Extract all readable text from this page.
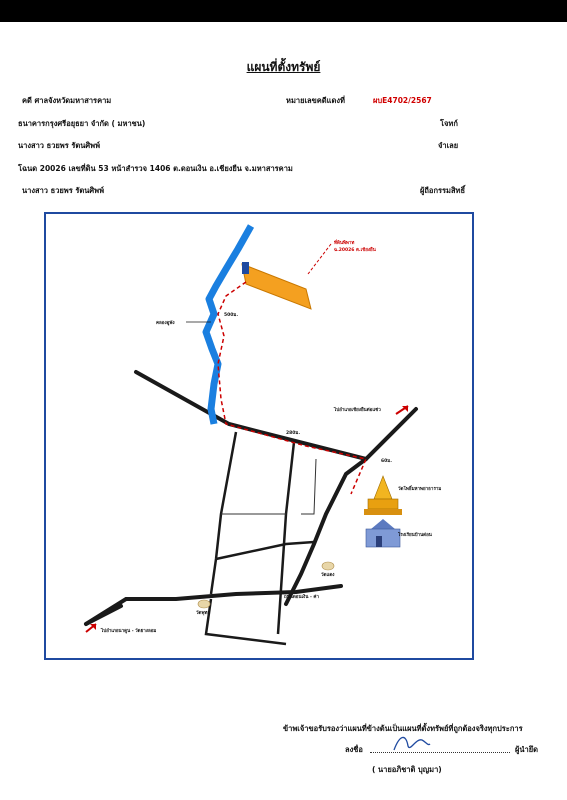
แผนที่ตั้งทรัพย์
คดี ศาลจังหวัดมหาสารคาม	หมายเลขคดีแดงที่	ผบE4702/2567
ธนาคารกรุงศรีอยุธยา จำกัด ( มหาชน)	โจทก์
นางสาว ธวยพร รัตนศิพพ์	จำเลย
โฉนด 20026 เลขที่ดิน 53 หน้าสำรวจ 1406 ต.ดอนเงิน อ.เชียงยืน จ.มหาสารคาม
นางสาว ธวยพร รัตนศิพพ์	ผู้ถือกรรมสิทธิ์
ที่ดินพิพาท
ฉ.20026 ต.เชียงยืน
คลองอูพัง
500ม.
280ม.
60ม.
ไปอำเภอเชียงยืนต่อแซ่ว
วัดโพธิ์มหาพยาธาราม
โรงเรียนบ้านด่อน
ถนนดอนเงิน - ค่า
วัดแดง
วัดพุทธ
ไปอำเภอนาดูน - วัดยางลอม
ข้าพเจ้าขอรับรองว่าแผนที่ข้างต้นเป็นแผนที่ตั้งทรัพย์ที่ถูกต้องจริงทุกประการ
ลงชื่อ	ผู้นำยึด
( นายอภิชาติ บุญมา)
